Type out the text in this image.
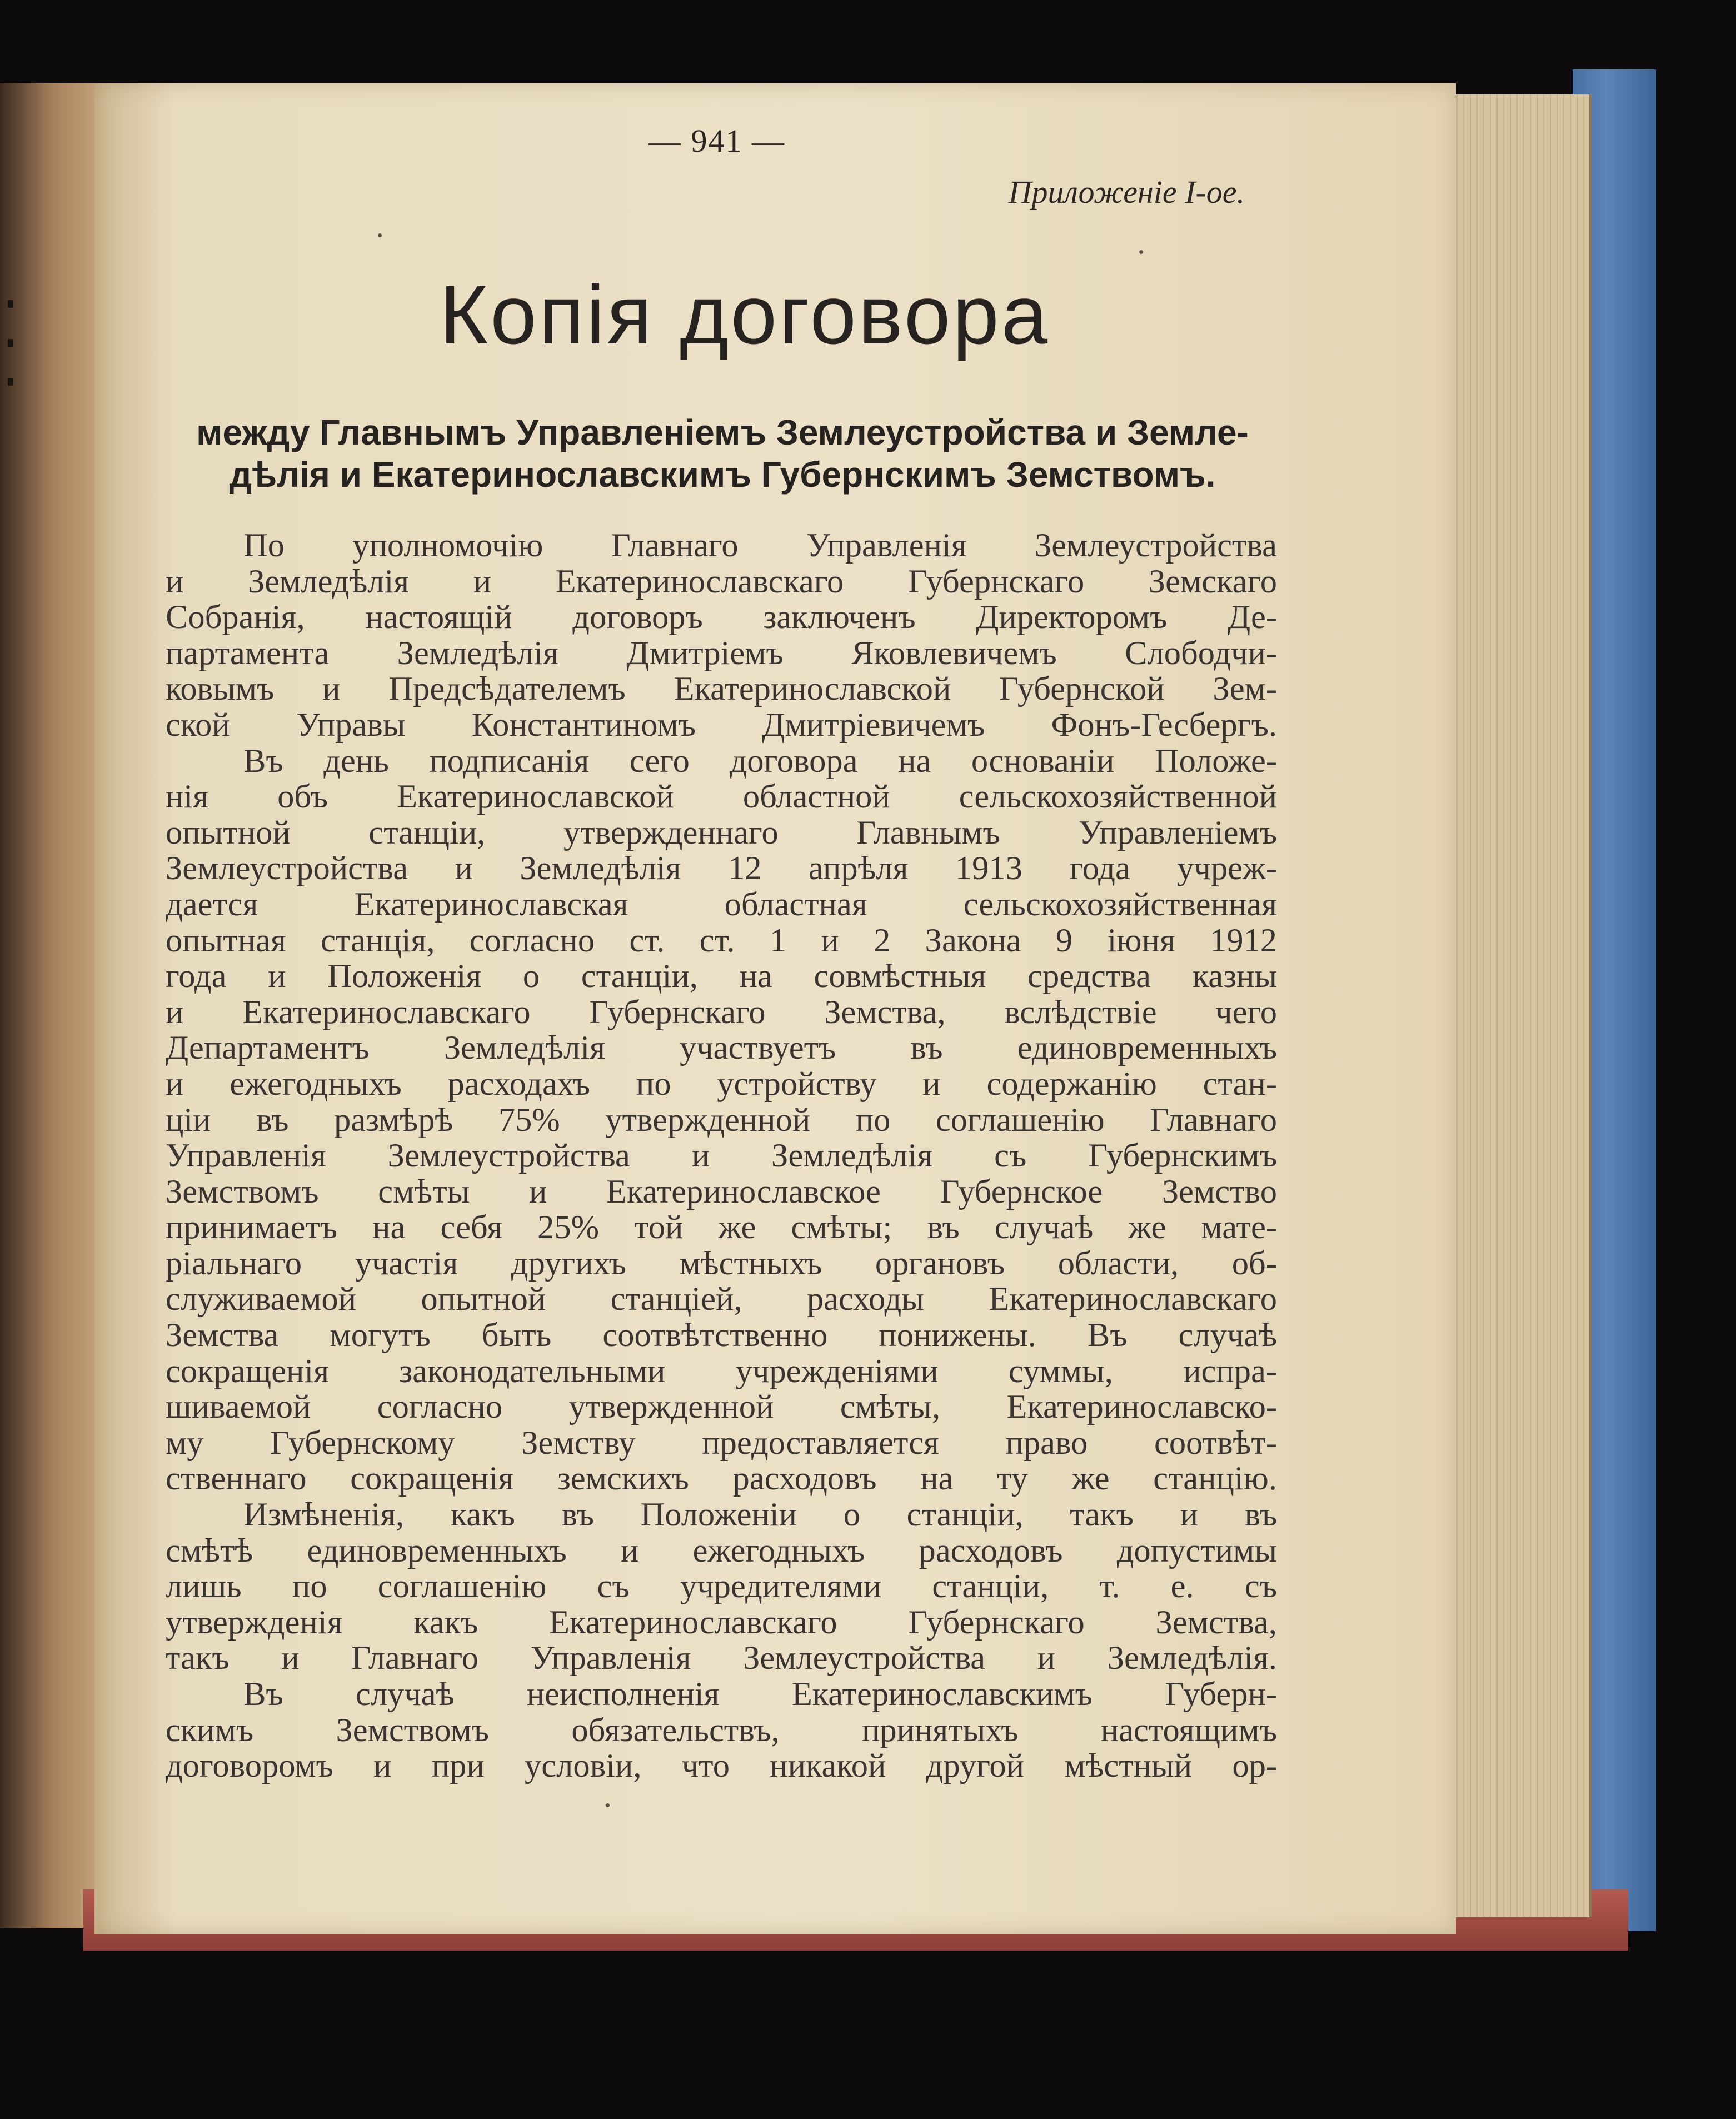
— 941 —
Приложенiе I-ое.
Копiя договора
между Главнымъ Управленiемъ Землеустройства и Земле-
дѣлiя и Екатеринославскимъ Губернскимъ Земствомъ.
По уполномочiю Главнаго Управленiя Землеустройства
и Земледѣлiя и Екатеринославскаго Губернскаго Земскаго
Собранiя, настоящiй договоръ заключенъ Директоромъ Де-
партамента Земледѣлiя Дмитрiемъ Яковлевичемъ Слободчи-
ковымъ и Предсѣдателемъ Екатеринославской Губернской Зем-
ской Управы Константиномъ Дмитрiевичемъ Фонъ-Гесбергъ.
Въ день подписанiя сего договора на основанiи Положе-
нiя объ Екатеринославской областной сельскохозяйственной
опытной станцiи, утвержденнаго Главнымъ Управленiемъ
Землеустройства и Земледѣлiя 12 апрѣля 1913 года учреж-
дается Екатеринославская областная сельскохозяйственная
опытная станцiя, согласно ст. ст. 1 и 2 Закона 9 iюня 1912
года и Положенiя о станцiи, на совмѣстныя средства казны
и Екатеринославскаго Губернскаго Земства, вслѣдствiе чего
Департаментъ Земледѣлiя участвуетъ въ единовременныхъ
и ежегодныхъ расходахъ по устройству и содержанiю стан-
цiи въ размѣрѣ 75% утвержденной по соглашенiю Главнаго
Управленiя Землеустройства и Земледѣлiя съ Губернскимъ
Земствомъ смѣты и Екатеринославское Губернское Земство
принимаетъ на себя 25% той же смѣты; въ случаѣ же мате-
рiальнаго участiя другихъ мѣстныхъ органовъ области, об-
служиваемой опытной станцiей, расходы Екатеринославскаго
Земства могутъ быть соотвѣтственно понижены. Въ случаѣ
сокращенiя законодательными учрежденiями суммы, испра-
шиваемой согласно утвержденной смѣты, Екатеринославско-
му Губернскому Земству предоставляется право соотвѣт-
ственнаго сокращенiя земскихъ расходовъ на ту же станцiю.
Измѣненiя, какъ въ Положенiи о станцiи, такъ и въ
смѣтѣ единовременныхъ и ежегодныхъ расходовъ допустимы
лишь по соглашенiю съ учредителями станцiи, т. е. съ
утвержденiя какъ Екатеринославскаго Губернскаго Земства,
такъ и Главнаго Управленiя Землеустройства и Земледѣлiя.
Въ случаѣ неисполненiя Екатеринославскимъ Губерн-
скимъ Земствомъ обязательствъ, принятыхъ настоящимъ
договоромъ и при условiи, что никакой другой мѣстный ор-
